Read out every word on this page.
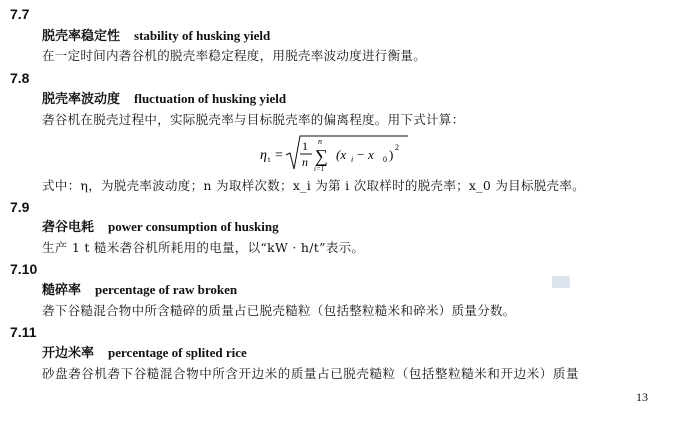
7.7
脱壳率稳定性 stability of husking yield
在一定时间内砻谷机的脱壳率稳定程度，用脱壳率波动度进行衡量。
7.8
脱壳率波动度 fluctuation of husking yield
砻谷机在脱壳过程中，实际脱壳率与目标脱壳率的偏离程度。用下式计算：
η t =
1
n
n
∑
i=1
(x i − x 0 ) 2
式中：η，为脱壳率波动度；n 为取样次数；x_i 为第 i 次取样时的脱壳率；x_0 为目标脱壳率。
7.9
砻谷电耗 power consumption of husking
生产 1 t 糙米砻谷机所耗用的电量，以“kW · h/t”表示。
7.10
糙碎率 percentage of raw broken
砻下谷糙混合物中所含糙碎的质量占已脱壳糙粒（包括整粒糙米和碎米）质量分数。
7.11
开边米率 percentage of splited rice
砂盘砻谷机砻下谷糙混合物中所含开边米的质量占已脱壳糙粒（包括整粒糙米和开边米）质量
13
